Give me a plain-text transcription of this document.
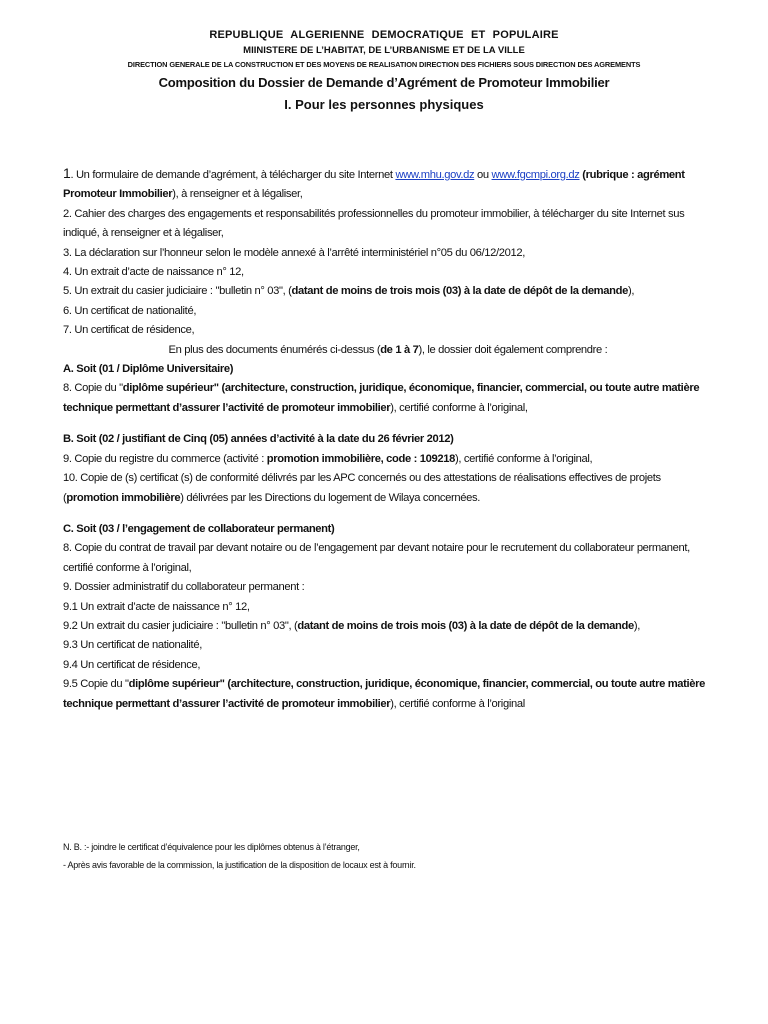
REPUBLIQUE ALGERIENNE DEMOCRATIQUE ET POPULAIRE

MIINISTERE DE L’HABITAT, DE L’URBANISME ET DE LA VILLE

DIRECTION GENERALE DE LA CONSTRUCTION ET DES MOYENS DE REALISATION DIRECTION DES FICHIERS SOUS DIRECTION DES AGREMENTS

Composition du Dossier de Demande d’Agrément de Promoteur Immobilier

I. Pour les personnes physiques

1. Un formulaire de demande d’agrément, à télécharger du site Internet www.mhu.gov.dz ou www.fgcmpi.org.dz (rubrique : agrément Promoteur Immobilier), à renseigner et à légaliser,

2. Cahier des charges des engagements et responsabilités professionnelles du promoteur immobilier, à télécharger du site Internet sus indiqué, à renseigner et à légaliser,

3. La déclaration sur l’honneur selon le modèle annexé à l’arrêté interministériel n°05 du 06/12/2012,

4. Un extrait d’acte de naissance n° 12,

5. Un extrait du casier judiciaire : "bulletin n° 03", (datant de moins de trois mois (03) à la date de dépôt de la demande),

6. Un certificat de nationalité,

7. Un certificat de résidence,

En plus des documents énumérés ci-dessus (de 1 à 7), le dossier doit également comprendre :

A. Soit (01 / Diplôme Universitaire)

8. Copie du "diplôme supérieur" (architecture, construction, juridique, économique, financier, commercial, ou toute autre matière technique permettant d’assurer l’activité de promoteur immobilier), certifié conforme à l’original,

B. Soit (02 / justifiant de Cinq (05) années d’activité à la date du 26 février 2012)

9. Copie du registre du commerce (activité : promotion immobilière, code : 109218), certifié conforme à l’original,

10. Copie de (s) certificat (s) de conformité délivrés par les APC concernés ou des attestations de réalisations effectives de projets (promotion immobilière) délivrées par les Directions du logement de Wilaya concernées.

C. Soit (03 / l’engagement de collaborateur permanent)

8. Copie du contrat de travail par devant notaire ou de l’engagement par devant notaire pour le recrutement du collaborateur permanent, certifié conforme à l’original,

9. Dossier administratif du collaborateur permanent :

9.1 Un extrait d’acte de naissance n° 12,

9.2 Un extrait du casier judiciaire : "bulletin n° 03", (datant de moins de trois mois (03) à la date de dépôt de la demande),

9.3 Un certificat de nationalité,

9.4 Un certificat de résidence,

9.5 Copie du "diplôme supérieur" (architecture, construction, juridique, économique, financier, commercial, ou toute autre matière technique permettant d’assurer l’activité de promoteur immobilier), certifié conforme à l’original

N. B. :- joindre le certificat d’équivalence pour les diplômes obtenus à l’étranger,

- Après avis favorable de la commission, la justification de la disposition de locaux est à fournir.
